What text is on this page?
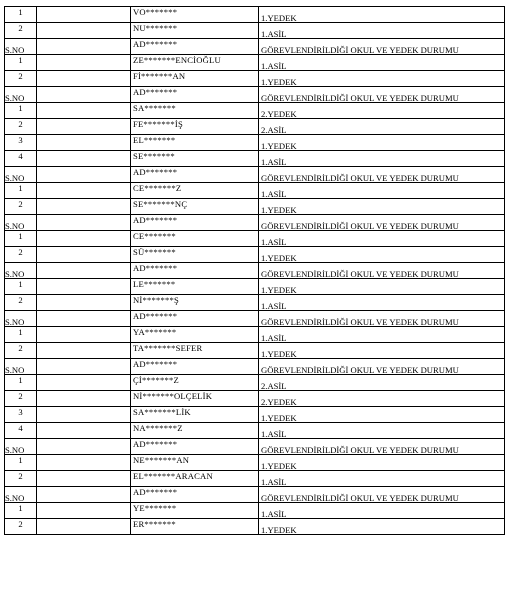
1		VO*******	1.YEDEK
2		NU*******	1.ASİL
S.NO		AD*******	GÖREVLENDİRİLDİĞİ OKUL VE YEDEK DURUMU
1		ZE*******ENCİOĞLU	1.ASİL
2		Fİ*******AN	1.YEDEK
S.NO		AD*******	GÖREVLENDİRİLDİĞİ OKUL VE YEDEK DURUMU
1		SA*******	2.YEDEK
2		FE*******İŞ	2.ASİL
3		EL*******	1.YEDEK
4		SE*******	1.ASİL
S.NO		AD*******	GÖREVLENDİRİLDİĞİ OKUL VE YEDEK DURUMU
1		CE*******Z	1.ASİL
2		SE*******NÇ	1.YEDEK
S.NO		AD*******	GÖREVLENDİRİLDİĞİ OKUL VE YEDEK DURUMU
1		CE*******	1.ASİL
2		SÜ*******	1.YEDEK
S.NO		AD*******	GÖREVLENDİRİLDİĞİ OKUL VE YEDEK DURUMU
1		LE*******	1.YEDEK
2		Nİ*******Ş	1.ASİL
S.NO		AD*******	GÖREVLENDİRİLDİĞİ OKUL VE YEDEK DURUMU
1		YA*******	1.ASİL
2		TA*******SEFER	1.YEDEK
S.NO		AD*******	GÖREVLENDİRİLDİĞİ OKUL VE YEDEK DURUMU
1		Çİ*******Z	2.ASİL
2		Nİ*******OLÇELİK	2.YEDEK
3		SA*******LİK	1.YEDEK
4		NA*******Z	1.ASİL
S.NO		AD*******	GÖREVLENDİRİLDİĞİ OKUL VE YEDEK DURUMU
1		NE*******AN	1.YEDEK
2		EL*******ARACAN	1.ASİL
S.NO		AD*******	GÖREVLENDİRİLDİĞİ OKUL VE YEDEK DURUMU
1		YE*******	1.ASİL
2		ER*******	1.YEDEK
